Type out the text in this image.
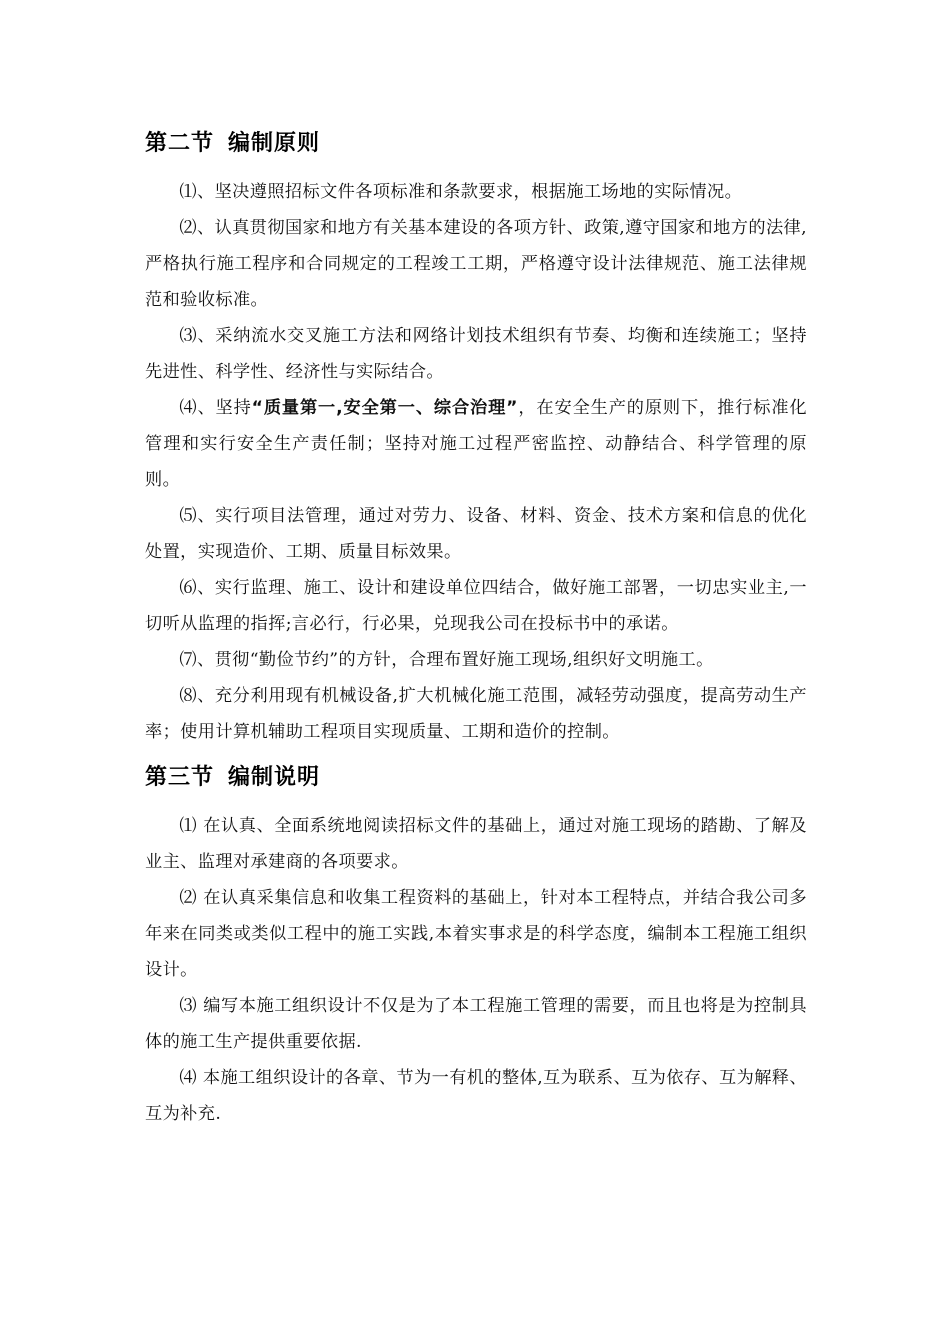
第二节 编制原则

⑴、坚决遵照招标文件各项标准和条款要求，根据施工场地的实际情况。

⑵、认真贯彻国家和地方有关基本建设的各项方针、政策,遵守国家和地方的法律,严格执行施工程序和合同规定的工程竣工工期，严格遵守设计法律规范、施工法律规范和验收标准。

⑶、采纳流水交叉施工方法和网络计划技术组织有节奏、均衡和连续施工；坚持先进性、科学性、经济性与实际结合。

⑷、坚持“质量第一,安全第一、综合治理”，在安全生产的原则下，推行标准化管理和实行安全生产责任制；坚持对施工过程严密监控、动静结合、科学管理的原则。

⑸、实行项目法管理，通过对劳力、设备、材料、资金、技术方案和信息的优化处置，实现造价、工期、质量目标效果。

⑹、实行监理、施工、设计和建设单位四结合，做好施工部署，一切忠实业主,一切听从监理的指挥;言必行，行必果，兑现我公司在投标书中的承诺。

⑺、贯彻“勤俭节约”的方针，合理布置好施工现场,组织好文明施工。

⑻、充分利用现有机械设备,扩大机械化施工范围，减轻劳动强度，提高劳动生产率；使用计算机辅助工程项目实现质量、工期和造价的控制。

第三节 编制说明

⑴ 在认真、全面系统地阅读招标文件的基础上，通过对施工现场的踏勘、了解及业主、监理对承建商的各项要求。

⑵ 在认真采集信息和收集工程资料的基础上，针对本工程特点，并结合我公司多年来在同类或类似工程中的施工实践,本着实事求是的科学态度，编制本工程施工组织设计。

⑶ 编写本施工组织设计不仅是为了本工程施工管理的需要，而且也将是为控制具体的施工生产提供重要依据.

⑷ 本施工组织设计的各章、节为一有机的整体,互为联系、互为依存、互为解释、互为补充.
